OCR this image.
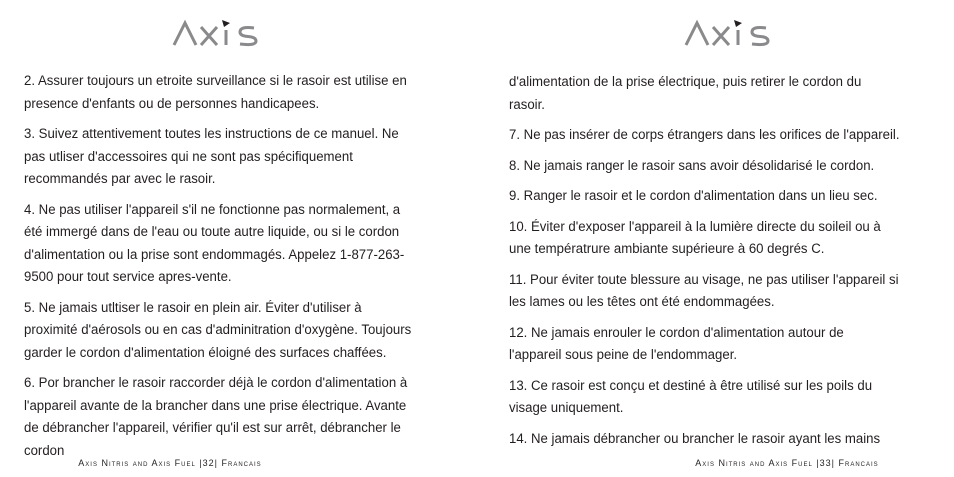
2. Assurer toujours un etroite surveillance si le rasoir est utilise en presence d'enfants ou de personnes handicapees.

3. Suivez attentivement toutes les instructions de ce manuel. Ne pas utliser d'accessoires qui ne sont pas spécifiquement recommandés par avec le rasoir.

4. Ne pas utiliser l'appareil s'il ne fonctionne pas normalement, a été immergé dans de l'eau ou toute autre liquide, ou si le cordon d'alimentation ou la prise sont endommagés. Appelez 1-877-263-9500 pour tout service apres-vente.

5. Ne jamais utltiser le rasoir en plein air. Éviter d'utiliser à proximité d'aérosols ou en cas d'adminitration d'oxygène. Toujours garder le cordon d'alimentation éloigné des surfaces chaffées.

6. Por brancher le rasoir raccorder déjà le cordon d'alimentation à l'appareil avante de la brancher dans une prise électrique. Avante de débrancher l'appareil, vérifier qu'il est sur arrêt, débrancher le cordon

Axis Nitris and Axis Fuel |32| Francais

d'alimentation de la prise électrique, puis retirer le cordon du rasoir.

7. Ne pas insérer de corps étrangers dans les orifices de l'appareil.

8. Ne jamais ranger le rasoir sans avoir désolidarisé le cordon.

9. Ranger le rasoir et le cordon d'alimentation dans un lieu sec.

10. Éviter d'exposer l'appareil à la lumière directe du soileil ou à une températrure ambiante supérieure à 60 degrés C.

11. Pour éviter toute blessure au visage, ne pas utiliser l'appareil si les lames ou les têtes ont été endommagées.

12. Ne jamais enrouler le cordon d'alimentation autour de l'appareil sous peine de l'endommager.

13. Ce rasoir est conçu et destiné à être utilisé sur les poils du visage uniquement.

14. Ne jamais débrancher ou brancher le rasoir ayant les mains

Axis Nitris and Axis Fuel |33| Francais
